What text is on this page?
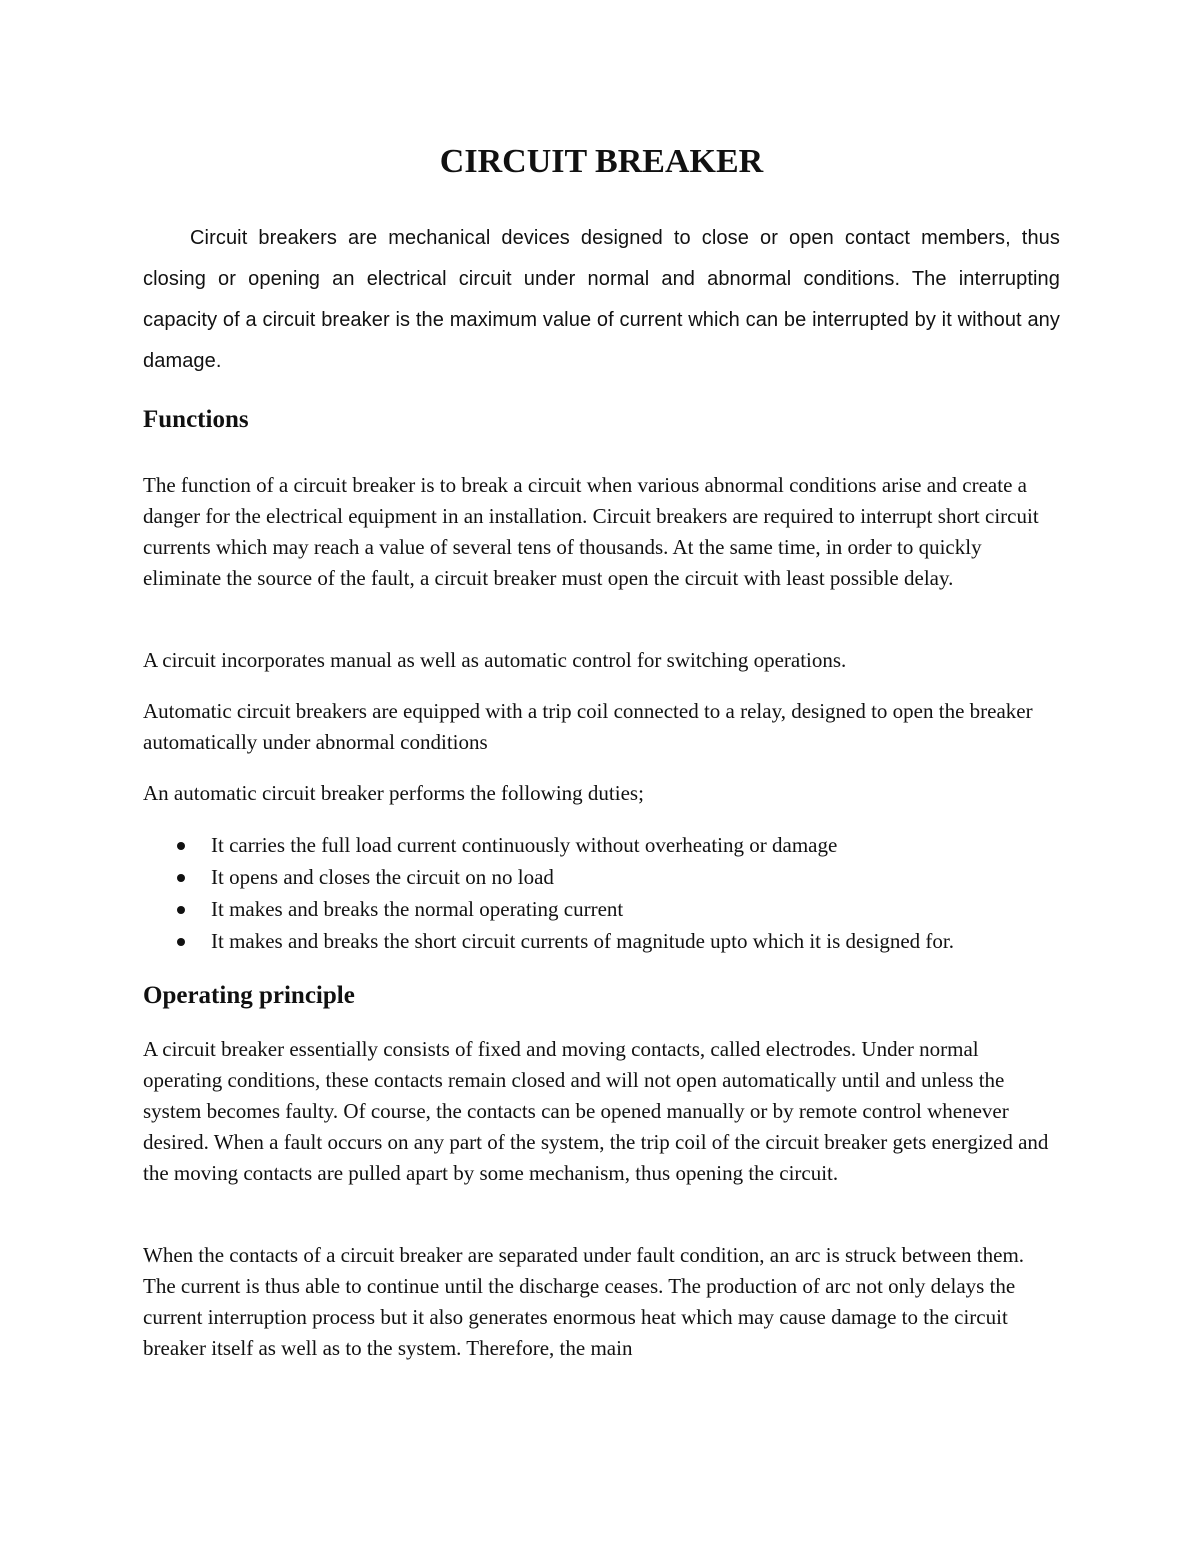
CIRCUIT BREAKER

Circuit breakers are mechanical devices designed to close or open contact members, thus closing or opening an electrical circuit under normal and abnormal conditions. The interrupting capacity of a circuit breaker is the maximum value of current which can be interrupted by it without any damage.

Functions

The function of a circuit breaker is to break a circuit when various abnormal conditions arise and create a danger for the electrical equipment in an installation. Circuit breakers are required to interrupt short circuit currents which may reach a value of several tens of thousands. At the same time, in order to quickly eliminate the source of the fault, a circuit breaker must open the circuit with least possible delay.

A circuit incorporates manual as well as automatic control for switching operations.

Automatic circuit breakers are equipped with a trip coil connected to a relay, designed to open the breaker automatically under abnormal conditions

An automatic circuit breaker performs the following duties;

It carries the full load current continuously without overheating or damage
It opens and closes the circuit on no load
It makes and breaks the normal operating current
It makes and breaks the short circuit currents of magnitude upto which it is designed for.
Operating principle

A circuit breaker essentially consists of fixed and moving contacts, called electrodes. Under normal operating conditions, these contacts remain closed and will not open automatically until and unless the system becomes faulty. Of course, the contacts can be opened manually or by remote control whenever desired. When a fault occurs on any part of the system, the trip coil of the circuit breaker gets energized and the moving contacts are pulled apart by some mechanism, thus opening the circuit.

When the contacts of a circuit breaker are separated under fault condition, an arc is struck between them. The current is thus able to continue until the discharge ceases. The production of arc not only delays the current interruption process but it also generates enormous heat which may cause damage to the circuit breaker itself as well as to the system. Therefore, the main
